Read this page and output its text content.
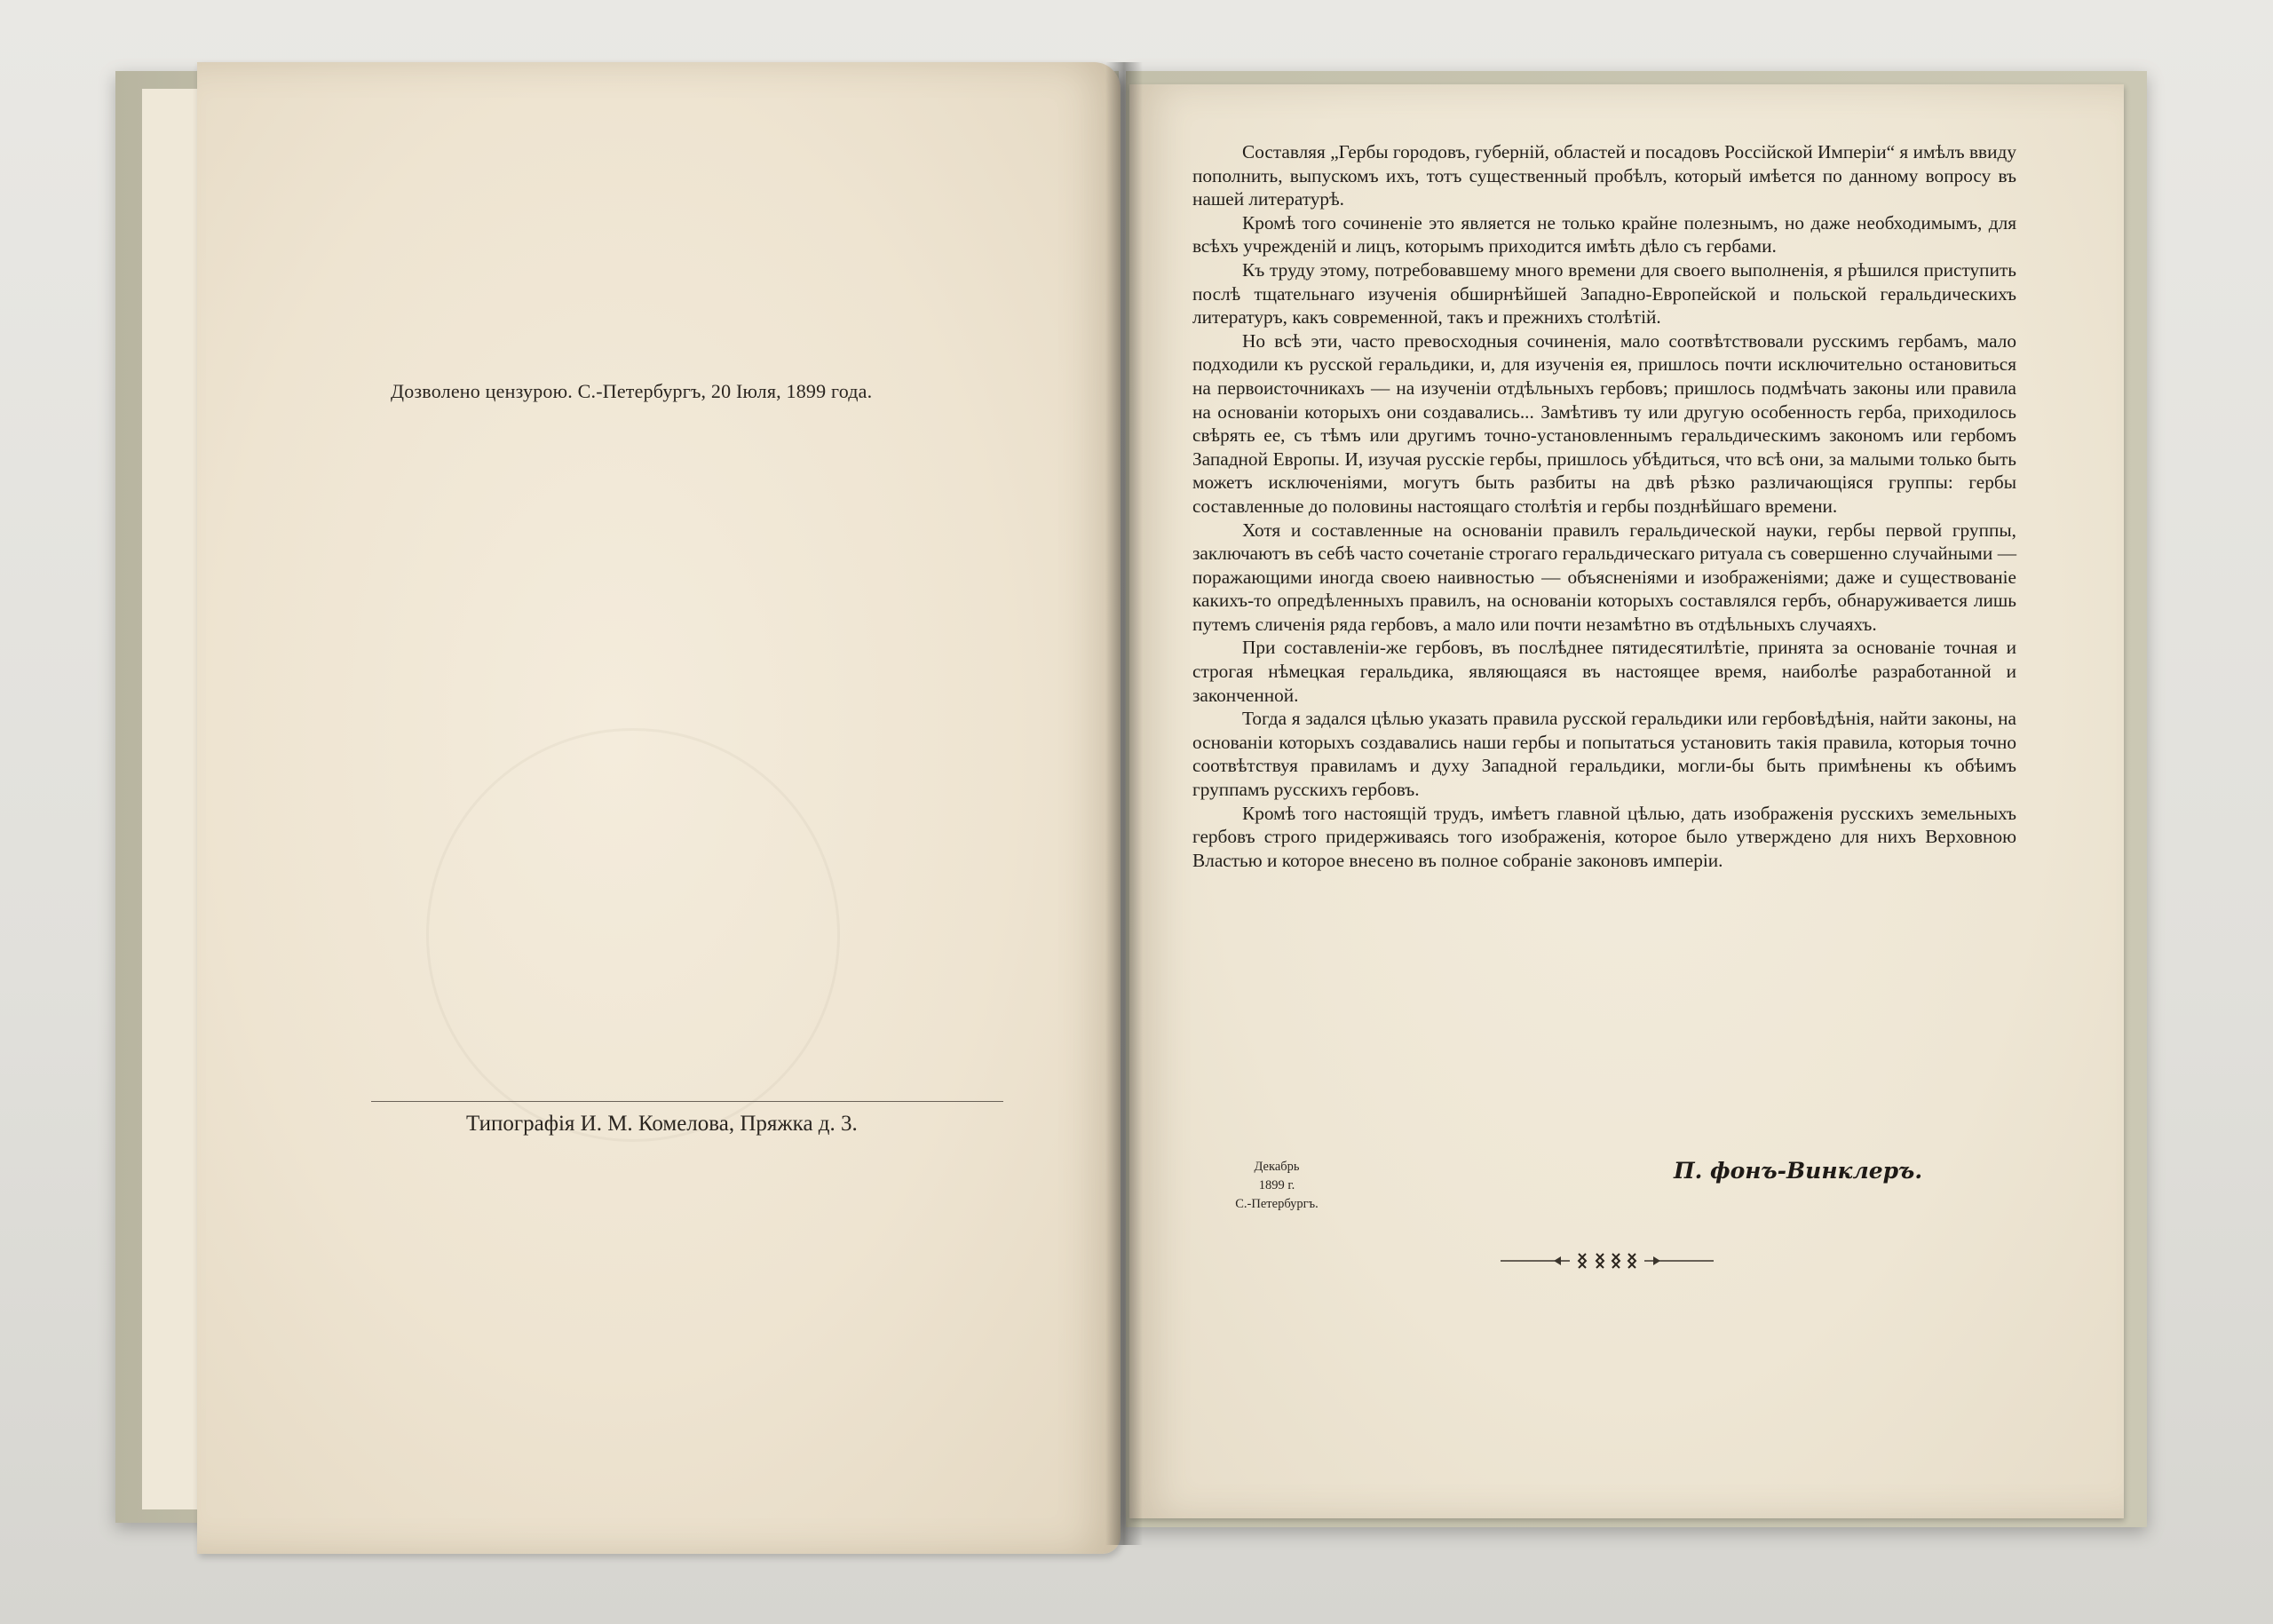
Дозволено цензурою. С.-Петербургъ, 20 Іюля, 1899 года.
Типографія И. М. Комелова, Пряжка д. 3.

Составляя „Гербы городовъ, губерній, областей и посадовъ Россійской Имперіи“ я имѣлъ ввиду пополнить, выпускомъ ихъ, тотъ существенный пробѣлъ, который имѣется по данному вопросу въ нашей литературѣ.

Кромѣ того сочиненіе это является не только крайне полезнымъ, но даже необходимымъ, для всѣхъ учрежденій и лицъ, которымъ приходится имѣть дѣло съ гербами.

Къ труду этому, потребовавшему много времени для своего выполненія, я рѣшился приступить послѣ тщательнаго изученія обширнѣйшей Западно-Европейской и польской геральдическихъ литературъ, какъ современной, такъ и прежнихъ столѣтій.

Но всѣ эти, часто превосходныя сочиненія, мало соотвѣтствовали русскимъ гербамъ, мало подходили къ русской геральдики, и, для изученія ея, пришлось почти исключительно остановиться на первоисточникахъ — на изученіи отдѣльныхъ гербовъ; пришлось подмѣчать законы или правила на основаніи которыхъ они создавались... Замѣтивъ ту или другую особенность герба, приходилось свѣрять ее, съ тѣмъ или другимъ точно-установленнымъ геральдическимъ закономъ или гербомъ Западной Европы. И, изучая русскіе гербы, пришлось убѣдиться, что всѣ они, за малыми только быть можетъ исключеніями, могутъ быть разбиты на двѣ рѣзко различающіяся группы: гербы составленные до половины настоящаго столѣтія и гербы позднѣйшаго времени.

Хотя и составленные на основаніи правилъ геральдической науки, гербы первой группы, заключаютъ въ себѣ часто сочетаніе строгаго геральдическаго ритуала съ совершенно случайными — поражающими иногда своею наивностью — объясненіями и изображеніями; даже и существованіе какихъ-то опредѣленныхъ правилъ, на основаніи которыхъ составлялся гербъ, обнаруживается лишь путемъ сличенія ряда гербовъ, а мало или почти незамѣтно въ отдѣльныхъ случаяхъ.

При составленіи-же гербовъ, въ послѣднее пятидесятилѣтіе, принята за основаніе точная и строгая нѣмецкая геральдика, являющаяся въ настоящее время, наиболѣе разработанной и законченной.

Тогда я задался цѣлью указать правила русской геральдики или гербовѣдѣнія, найти законы, на основаніи которыхъ создавались наши гербы и попытаться установить такія правила, которыя точно соотвѣтствуя правиламъ и духу Западной геральдики, могли-бы быть примѣнены къ обѣимъ группамъ русскихъ гербовъ.

Кромѣ того настоящій трудъ, имѣетъ главной цѣлью, дать изображенія русскихъ земельныхъ гербовъ строго придерживаясь того изображенія, которое было утверждено для нихъ Верховною Властью и которое внесено въ полное собраніе законовъ имперіи.

Декабрь
1899 г.
С.-Петербургъ.
П. фонъ-Винклеръ.
